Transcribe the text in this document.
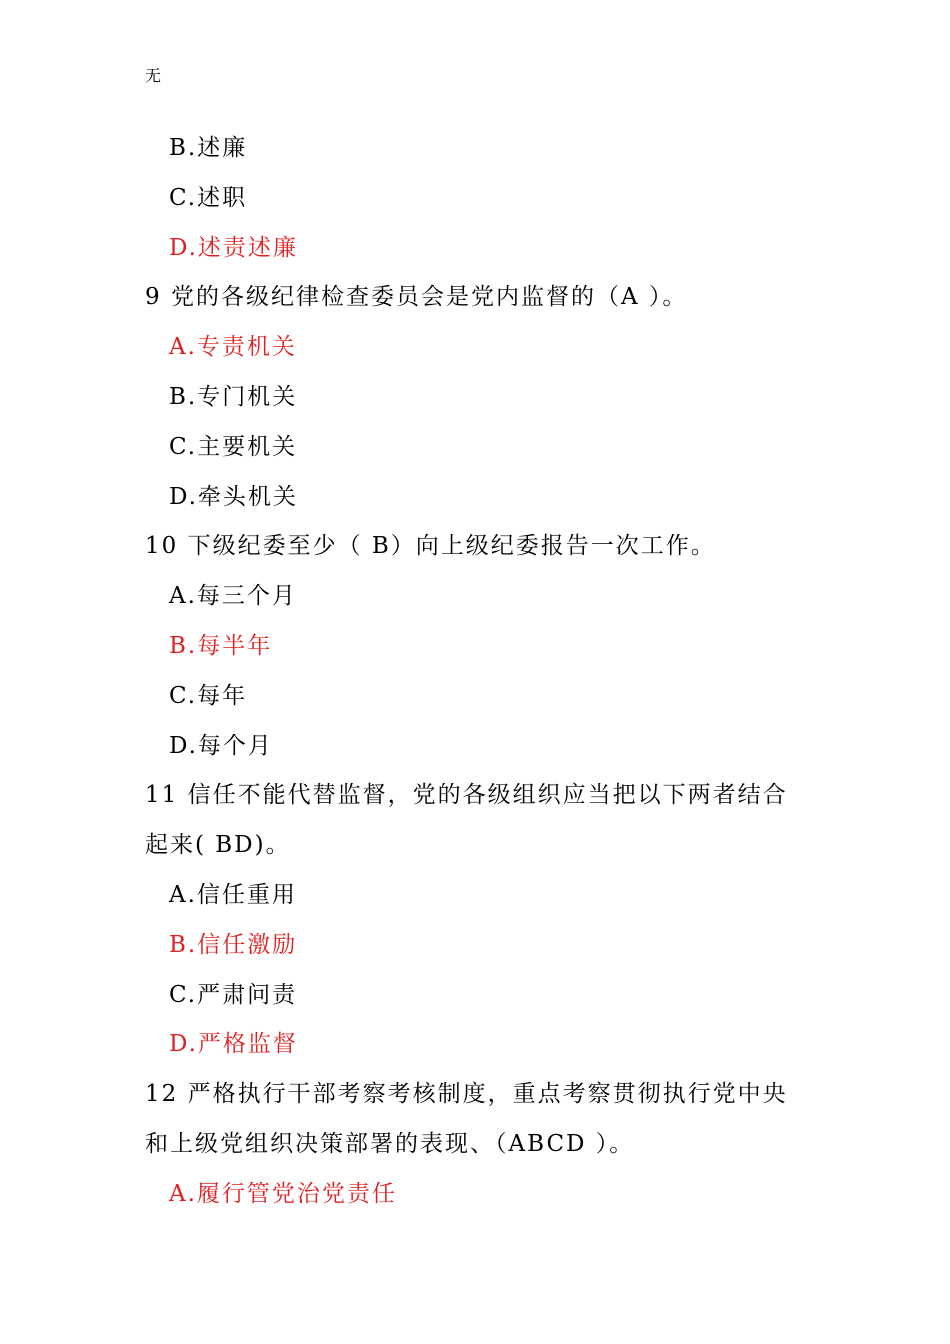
无
B.述廉
C.述职
D.述责述廉
9 党的各级纪律检查委员会是党内监督的（A ）。
A.专责机关
B.专门机关
C.主要机关
D.牵头机关
10 下级纪委至少（ B）向上级纪委报告一次工作。
A.每三个月
B.每半年
C.每年
D.每个月
11 信任不能代替监督，党的各级组织应当把以下两者结合
起来( BD)。
A.信任重用
B.信任激励
C.严肃问责
D.严格监督
12 严格执行干部考察考核制度，重点考察贯彻执行党中央
和上级党组织决策部署的表现、（ABCD ）。
A.履行管党治党责任
